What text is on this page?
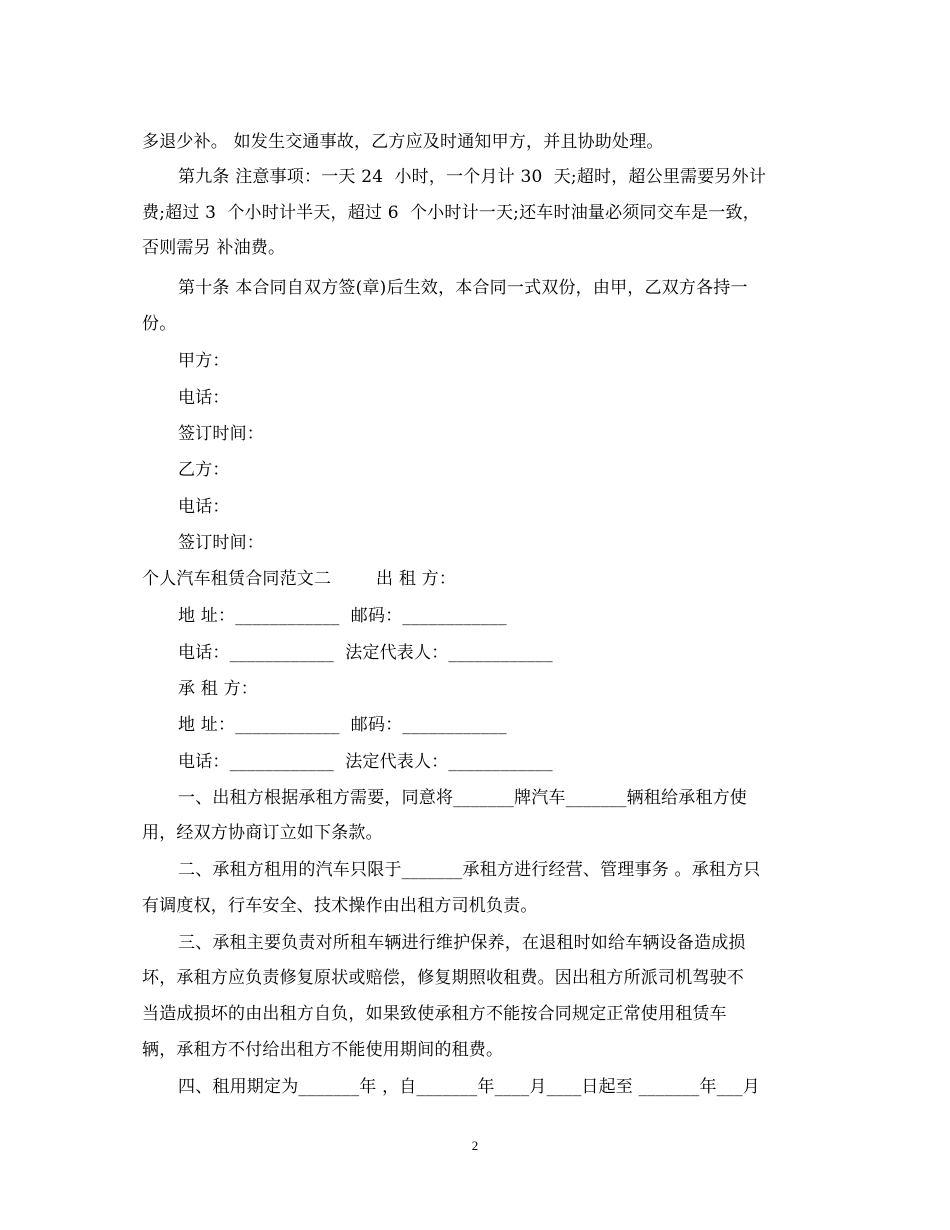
多退少补。 如发生交通事故，乙方应及时通知甲方，并且协助处理。
第九条 注意事项：一天 24  小时，一个月计 30  天;超时，超公里需要另外计
费;超过 3  个小时计半天，超过 6  个小时计一天;还车时油量必须同交车是一致，
否则需另 补油费。
第十条 本合同自双方签(章)后生效，本合同一式双份，由甲，乙双方各持一
份。
甲方：
电话：
签订时间：
乙方：
电话：
签订时间：
个人汽车租赁合同范文二        出 租 方：
地 址：____________  邮码：____________
电话：____________  法定代表人：____________
承 租 方：
地 址：____________  邮码：____________
电话：____________  法定代表人：____________
一、出租方根据承租方需要，同意将_______牌汽车_______辆租给承租方使
用，经双方协商订立如下条款。
二、承租方租用的汽车只限于_______承租方进行经营、管理事务 。承租方只
有调度权，行车安全、技术操作由出租方司机负责。
三、承租主要负责对所租车辆进行维护保养，在退租时如给车辆设备造成损
坏，承租方应负责修复原状或赔偿，修复期照收租费。因出租方所派司机驾驶不
当造成损坏的由出租方自负，如果致使承租方不能按合同规定正常使用租赁车
辆，承租方不付给出租方不能使用期间的租费。
四、租用期定为_______年 ，自_______年____月____日起至 _______年___月
2
